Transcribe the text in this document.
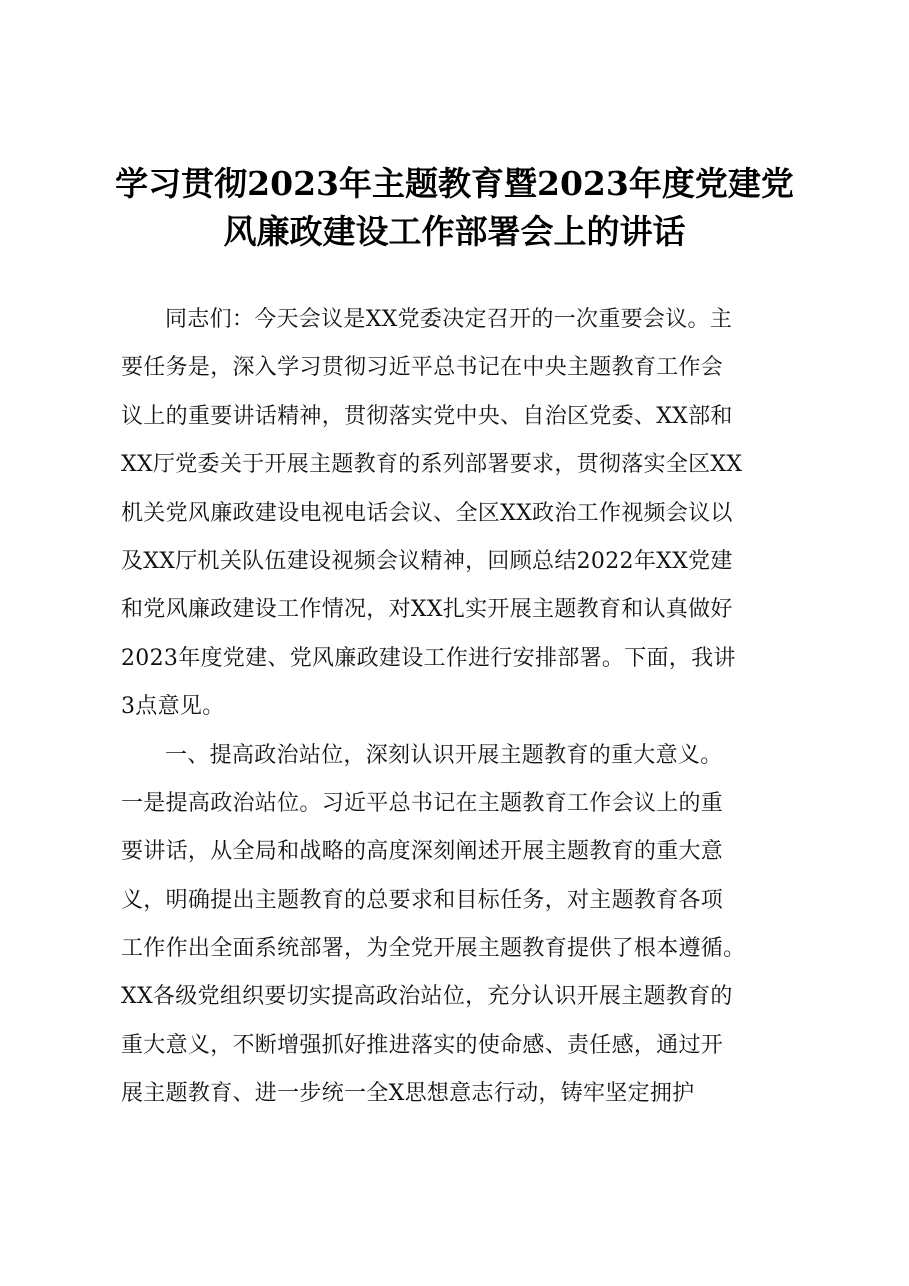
学习贯彻2023年主题教育暨2023年度党建党
风廉政建设工作部署会上的讲话
同志们：今天会议是XX党委决定召开的一次重要会议。主
要任务是，深入学习贯彻习近平总书记在中央主题教育工作会
议上的重要讲话精神，贯彻落实党中央、自治区党委、XX部和
XX厅党委关于开展主题教育的系列部署要求，贯彻落实全区XX
机关党风廉政建设电视电话会议、全区XX政治工作视频会议以
及XX厅机关队伍建设视频会议精神，回顾总结2022年XX党建
和党风廉政建设工作情况，对XX扎实开展主题教育和认真做好
2023年度党建、党风廉政建设工作进行安排部署。下面，我讲
3点意见。
一、提高政治站位，深刻认识开展主题教育的重大意义。
一是提高政治站位。习近平总书记在主题教育工作会议上的重
要讲话，从全局和战略的高度深刻阐述开展主题教育的重大意
义，明确提出主题教育的总要求和目标任务，对主题教育各项
工作作出全面系统部署，为全党开展主题教育提供了根本遵循。
XX各级党组织要切实提高政治站位，充分认识开展主题教育的
重大意义，不断增强抓好推进落实的使命感、责任感，通过开
展主题教育、进一步统一全X思想意志行动，铸牢坚定拥护
